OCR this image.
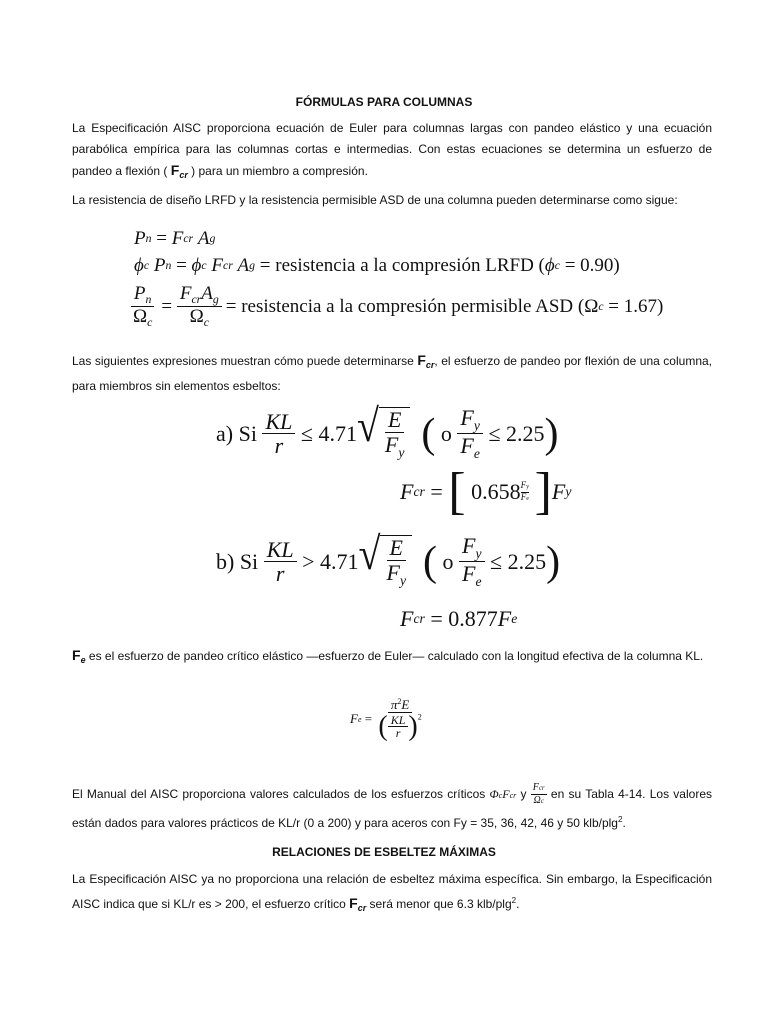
FÓRMULAS PARA COLUMNAS

La Especificación AISC proporciona ecuación de Euler para columnas largas con pandeo elástico y una ecuación parabólica empírica para las columnas cortas e intermedias. Con estas ecuaciones se determina un esfuerzo de pandeo a flexión ( $F_{cr}$ ) para un miembro a compresión.

La resistencia de diseño LRFD y la resistencia permisible ASD de una columna pueden determinarse como sigue:

P n = F cr
A g
ϕ c
P n = ϕ c
F cr
A g
= resistencia a la compresión LRFD ( ϕ c
= 0.90)
$\frac{P_n}{\Omega_c} = \frac{F_{cr}A_g}{\Omega_c}$ = resistencia a la compresión permisible ASD ( Ω c
= 1.67)

Las siguientes expresiones muestran cómo puede determinarse $F_{cr}$, el esfuerzo de pandeo por flexión de una columna, para miembros sin elementos esbeltos:

a) Si
$\frac{KL}{r}$
≤ 4.71 √ $\frac{E}{F_y}$
(
o
$\frac{F_y}{F_e}$
≤ 2.25 )
F cr = [
0.658 Fy
Fe
] F y
b) Si
$\frac{KL}{r}$
> 4.71 √ $\frac{E}{F_y}$
(
o
$\frac{F_y}{F_e}$
≤ 2.25 )
F cr
= 0.877 F e

$F_e$ es el esfuerzo de pandeo crítico elástico —esfuerzo de Euler— calculado con la longitud efectiva de la columna KL.

F $e = \frac{\pi^2E}{( \frac{KL}{r} )^2}$

El Manual del AISC proporciona valores calculados de los esfuerzos críticos ΦcFcr y $\frac{\text{Fcr}}{\Omega c}$ en su Tabla 4-14. Los valores están dados para valores prácticos de KL/r (0 a 200) y para aceros con Fy = 35, 36, 42, 46 y 50 klb/plg$^2$.

RELACIONES DE ESBELTEZ MÁXIMAS

La Especificación AISC ya no proporciona una relación de esbeltez máxima específica. Sin embargo, la Especificación AISC indica que si KL/r es > 200, el esfuerzo crítico $F_{cr}$ será menor que 6.3 klb/plg$^2$.
